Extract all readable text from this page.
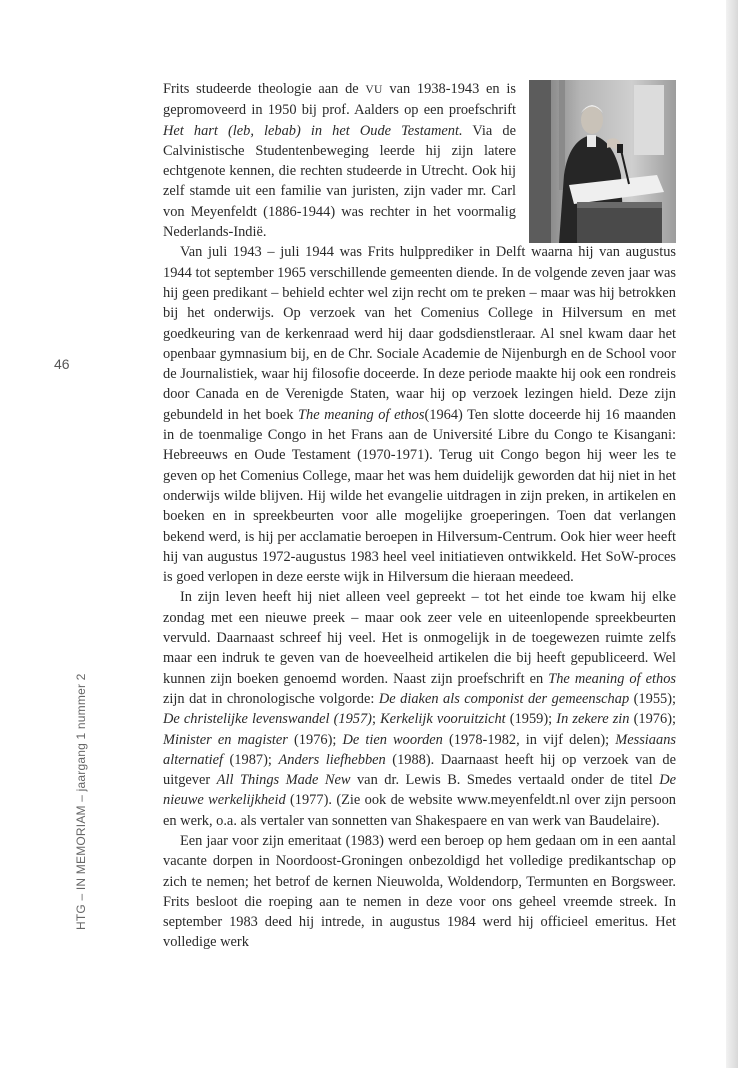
46
HTG – IN MEMORIAM – jaargang 1 nummer 2

Frits studeerde theologie aan de VU van 1938-1943 en is gepromoveerd in 1950 bij prof. Aalders op een proefschrift Het hart (leb, lebab) in het Oude Testament. Via de Calvinistische Studentenbeweging leerde hij zijn latere echtgenote kennen, die rechten studeerde in Utrecht. Ook hij zelf stamde uit een familie van juristen, zijn vader mr. Carl von Meyenfeldt (1886-1944) was rechter in het voormalig Nederlands-Indië.

Van juli 1943 – juli 1944 was Frits hulpprediker in Delft waarna hij van augustus 1944 tot september 1965 verschillende gemeenten diende. In de volgende zeven jaar was hij geen predikant – behield echter wel zijn recht om te preken – maar was hij betrokken bij het onderwijs. Op verzoek van het Comenius College in Hilversum en met goedkeuring van de kerkenraad werd hij daar godsdienstleraar. Al snel kwam daar het openbaar gymnasium bij, en de Chr. Sociale Academie de Nijenburgh en de School voor de Journalistiek, waar hij filosofie doceerde. In deze periode maakte hij ook een rondreis door Canada en de Verenigde Staten, waar hij op verzoek lezingen hield. Deze zijn gebundeld in het boek The meaning of ethos(1964) Ten slotte doceerde hij 16 maanden in de toenmalige Congo in het Frans aan de Université Libre du Congo te Kisangani: Hebreeuws en Oude Testament (1970-1971). Terug uit Congo begon hij weer les te geven op het Comenius College, maar het was hem duidelijk geworden dat hij niet in het onderwijs wilde blijven. Hij wilde het evangelie uitdragen in zijn preken, in artikelen en boeken en in spreekbeurten voor alle mogelijke groeperingen. Toen dat verlangen bekend werd, is hij per acclamatie beroepen in Hilversum-Centrum. Ook hier weer heeft hij van augustus 1972-augustus 1983 heel veel initiatieven ontwikkeld. Het SoW-proces is goed verlopen in deze eerste wijk in Hilversum die hieraan meedeed.

In zijn leven heeft hij niet alleen veel gepreekt – tot het einde toe kwam hij elke zondag met een nieuwe preek – maar ook zeer vele en uiteenlopende spreekbeurten vervuld. Daarnaast schreef hij veel. Het is onmogelijk in de toegewezen ruimte zelfs maar een indruk te geven van de hoeveelheid artikelen die bij heeft gepubliceerd. Wel kunnen zijn boeken genoemd worden. Naast zijn proefschrift en The meaning of ethos zijn dat in chronologische volgorde: De diaken als componist der gemeenschap (1955); De christelijke levenswandel (1957); Kerkelijk vooruitzicht (1959); In zekere zin (1976); Minister en magister (1976); De tien woorden (1978-1982, in vijf delen); Messiaans alternatief (1987); Anders liefhebben (1988). Daarnaast heeft hij op verzoek van de uitgever All Things Made New van dr. Lewis B. Smedes vertaald onder de titel De nieuwe werkelijkheid (1977). (Zie ook de website www.meyenfeldt.nl over zijn persoon en werk, o.a. als vertaler van sonnetten van Shakespaere en van werk van Baudelaire).

Een jaar voor zijn emeritaat (1983) werd een beroep op hem gedaan om in een aantal vacante dorpen in Noordoost-Groningen onbezoldigd het volledige predikantschap op zich te nemen; het betrof de kernen Nieuwolda, Woldendorp, Termunten en Borgsweer. Frits besloot die roeping aan te nemen in deze voor ons geheel vreemde streek. In september 1983 deed hij intrede, in augustus 1984 werd hij officieel emeritus. Het volledige werk
